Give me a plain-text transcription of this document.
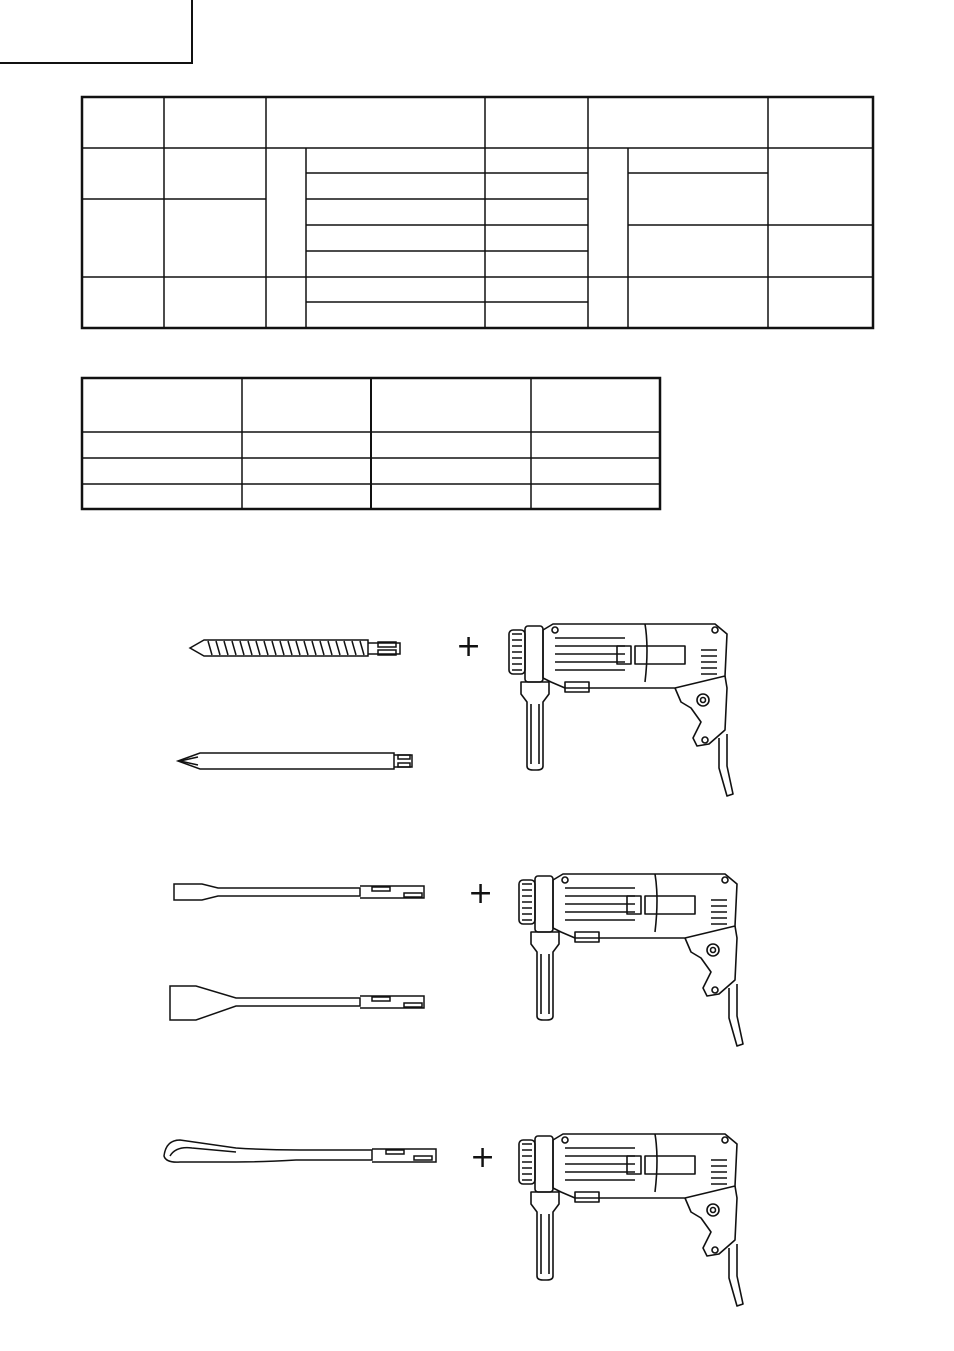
+
+
+
